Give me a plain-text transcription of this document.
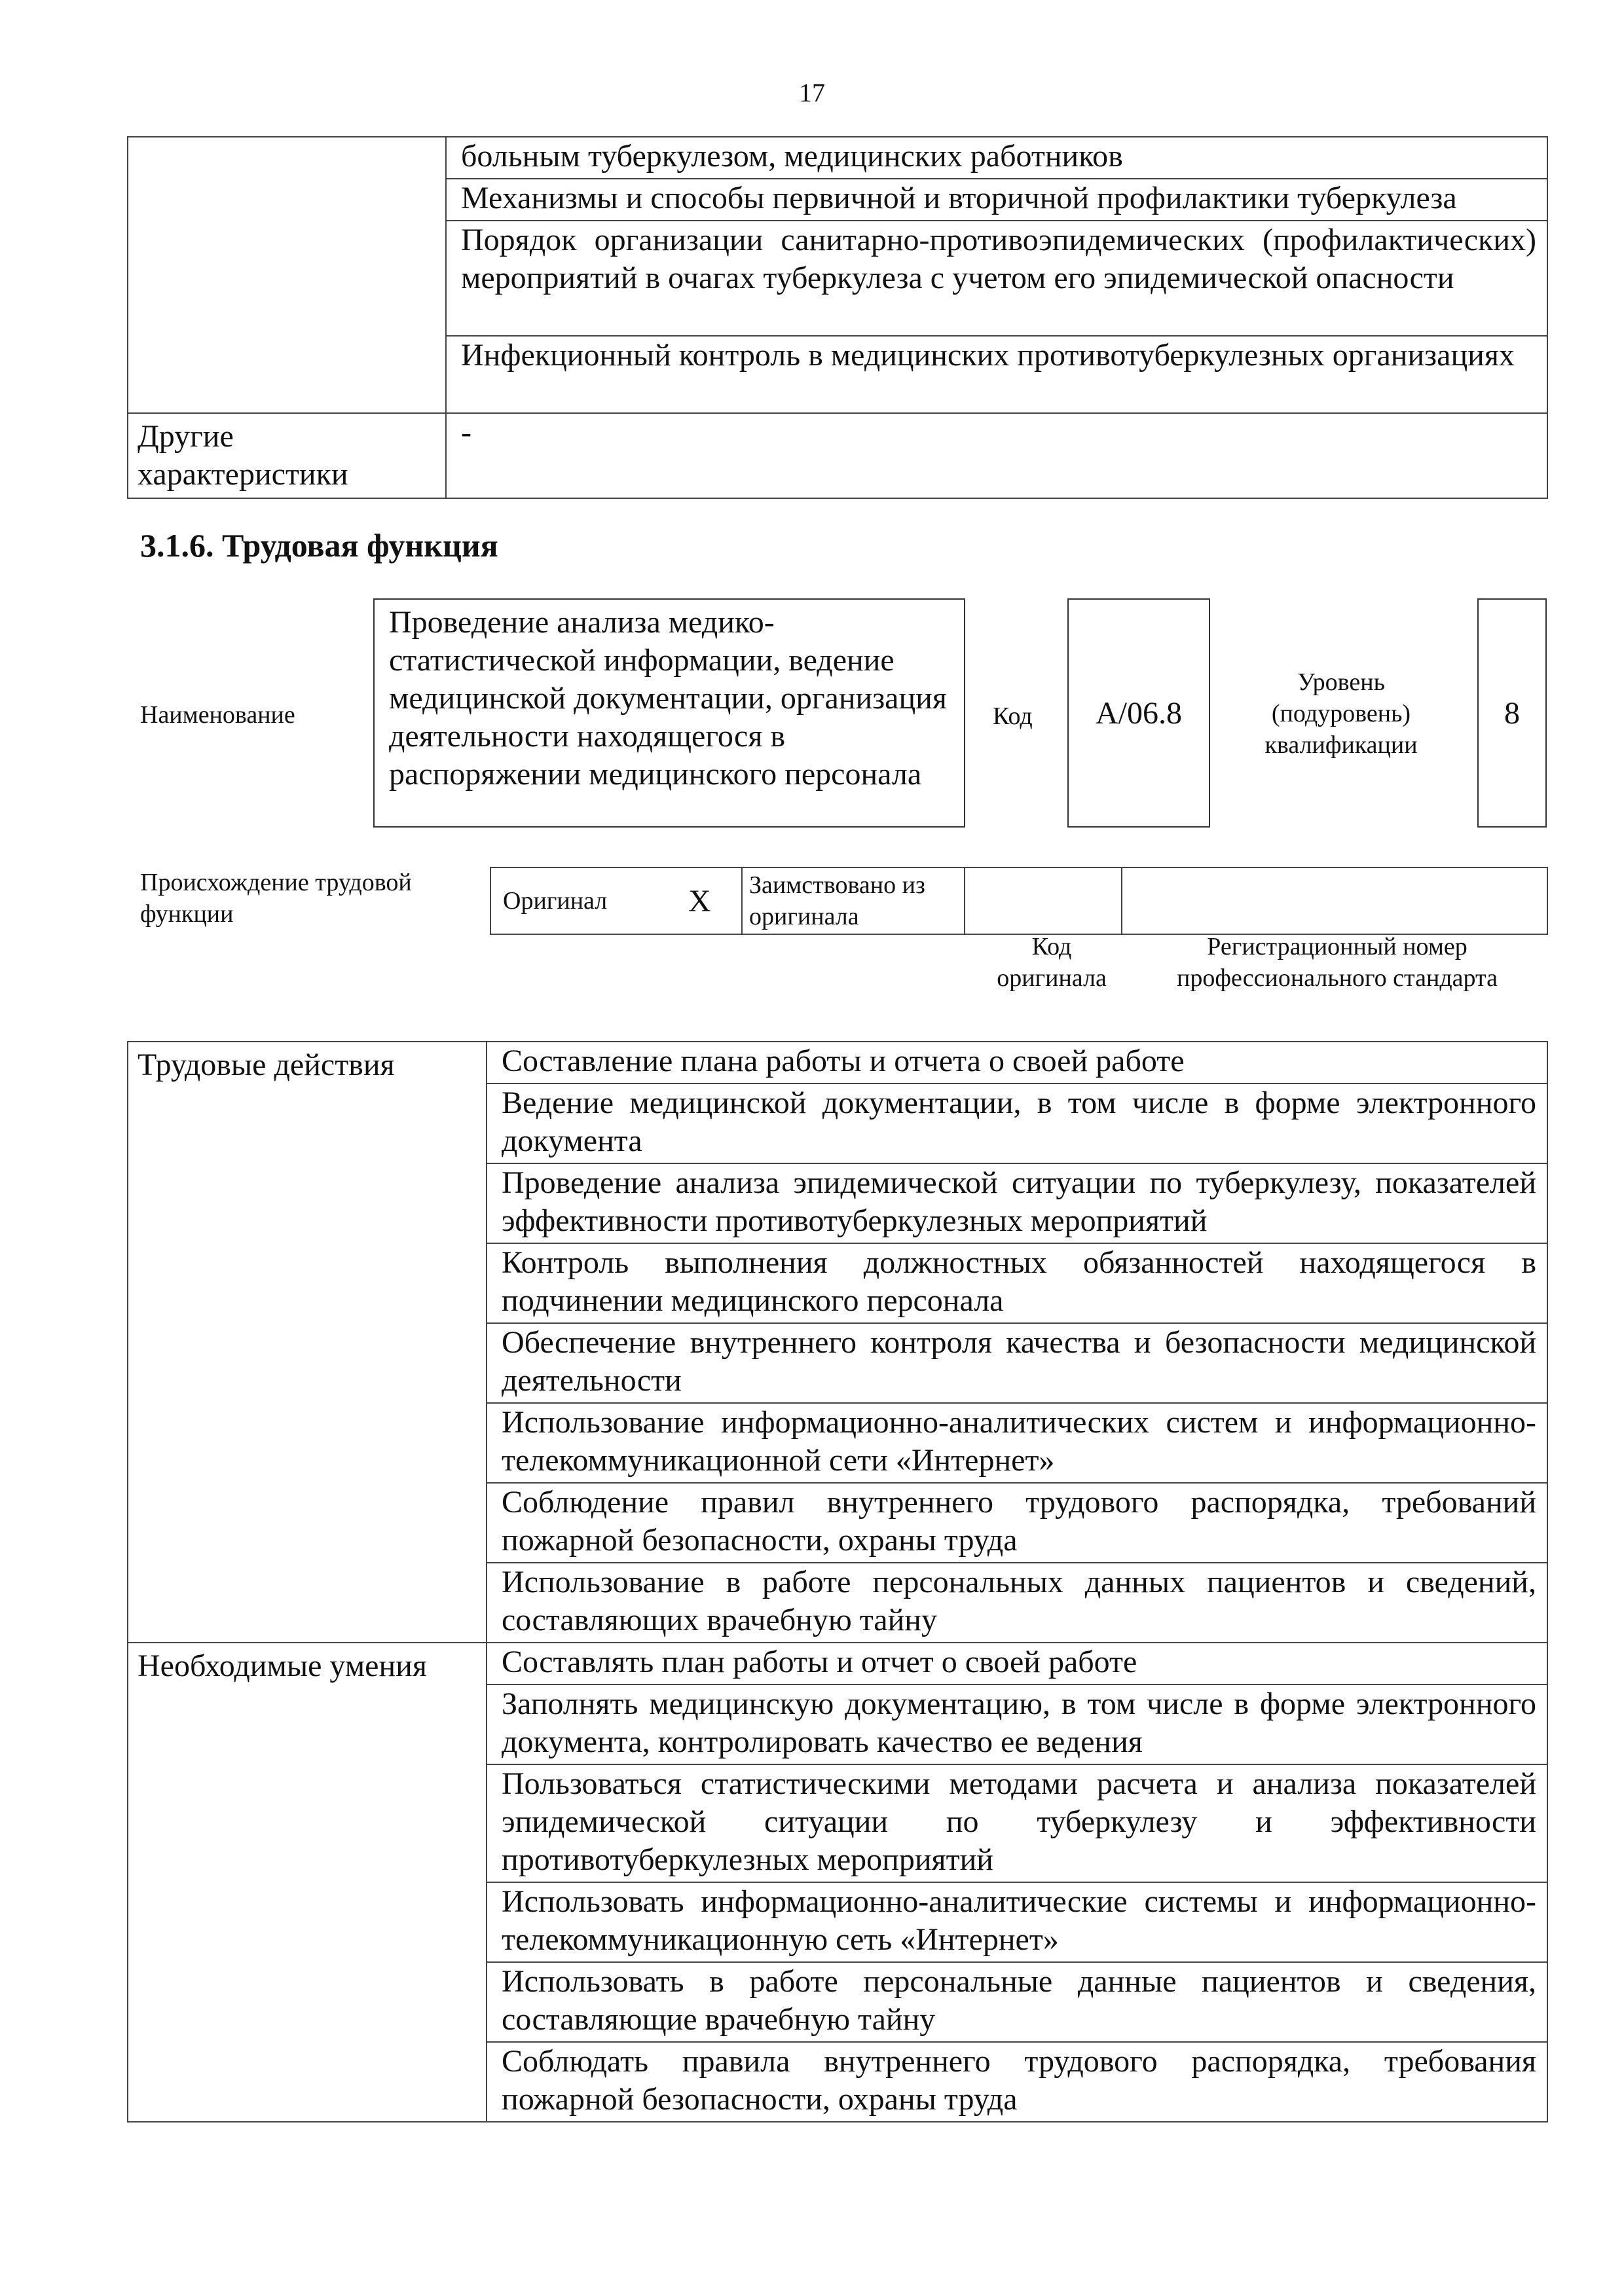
17
	больным туберкулезом, медицинских работников
	Механизмы и способы первичной и вторичной профилактики туберкулеза
	Порядок организации санитарно-противоэпидемических (профилактических) мероприятий в очагах туберкулеза с учетом его эпидемической опасности
	Инфекционный контроль в медицинских противотуберкулезных организациях
Другие характеристики	-
3.1.6. Трудовая функция
Наименование
Проведение анализа медико-статистической информации, ведение медицинской документации, организация деятельности находящегося в распоряжении медицинского персонала
Код A/06.8
Уровень (подуровень) квалификации
8
Происхождение трудовой функции	Оригинал	X	Заимствовано из оригинала		
Код оригинала
Регистрационный номер профессионального стандарта
Трудовые действия	Составление плана работы и отчета о своей работе
	Ведение медицинской документации, в том числе в форме электронного документа
	Проведение анализа эпидемической ситуации по туберкулезу, показателей эффективности противотуберкулезных мероприятий
	Контроль выполнения должностных обязанностей находящегося в подчинении медицинского персонала
	Обеспечение внутреннего контроля качества и безопасности медицинской деятельности
	Использование информационно-аналитических систем и информационно-телекоммуникационной сети «Интернет»
	Соблюдение правил внутреннего трудового распорядка, требований пожарной безопасности, охраны труда
	Использование в работе персональных данных пациентов и сведений, составляющих врачебную тайну
Необходимые умения	Составлять план работы и отчет о своей работе
	Заполнять медицинскую документацию, в том числе в форме электронного документа, контролировать качество ее ведения
	Пользоваться статистическими методами расчета и анализа показателей эпидемической ситуации по туберкулезу и эффективности противотуберкулезных мероприятий
	Использовать информационно-аналитические системы и информационно-телекоммуникационную сеть «Интернет»
	Использовать в работе персональные данные пациентов и сведения, составляющие врачебную тайну
	Соблюдать правила внутреннего трудового распорядка, требования пожарной безопасности, охраны труда
